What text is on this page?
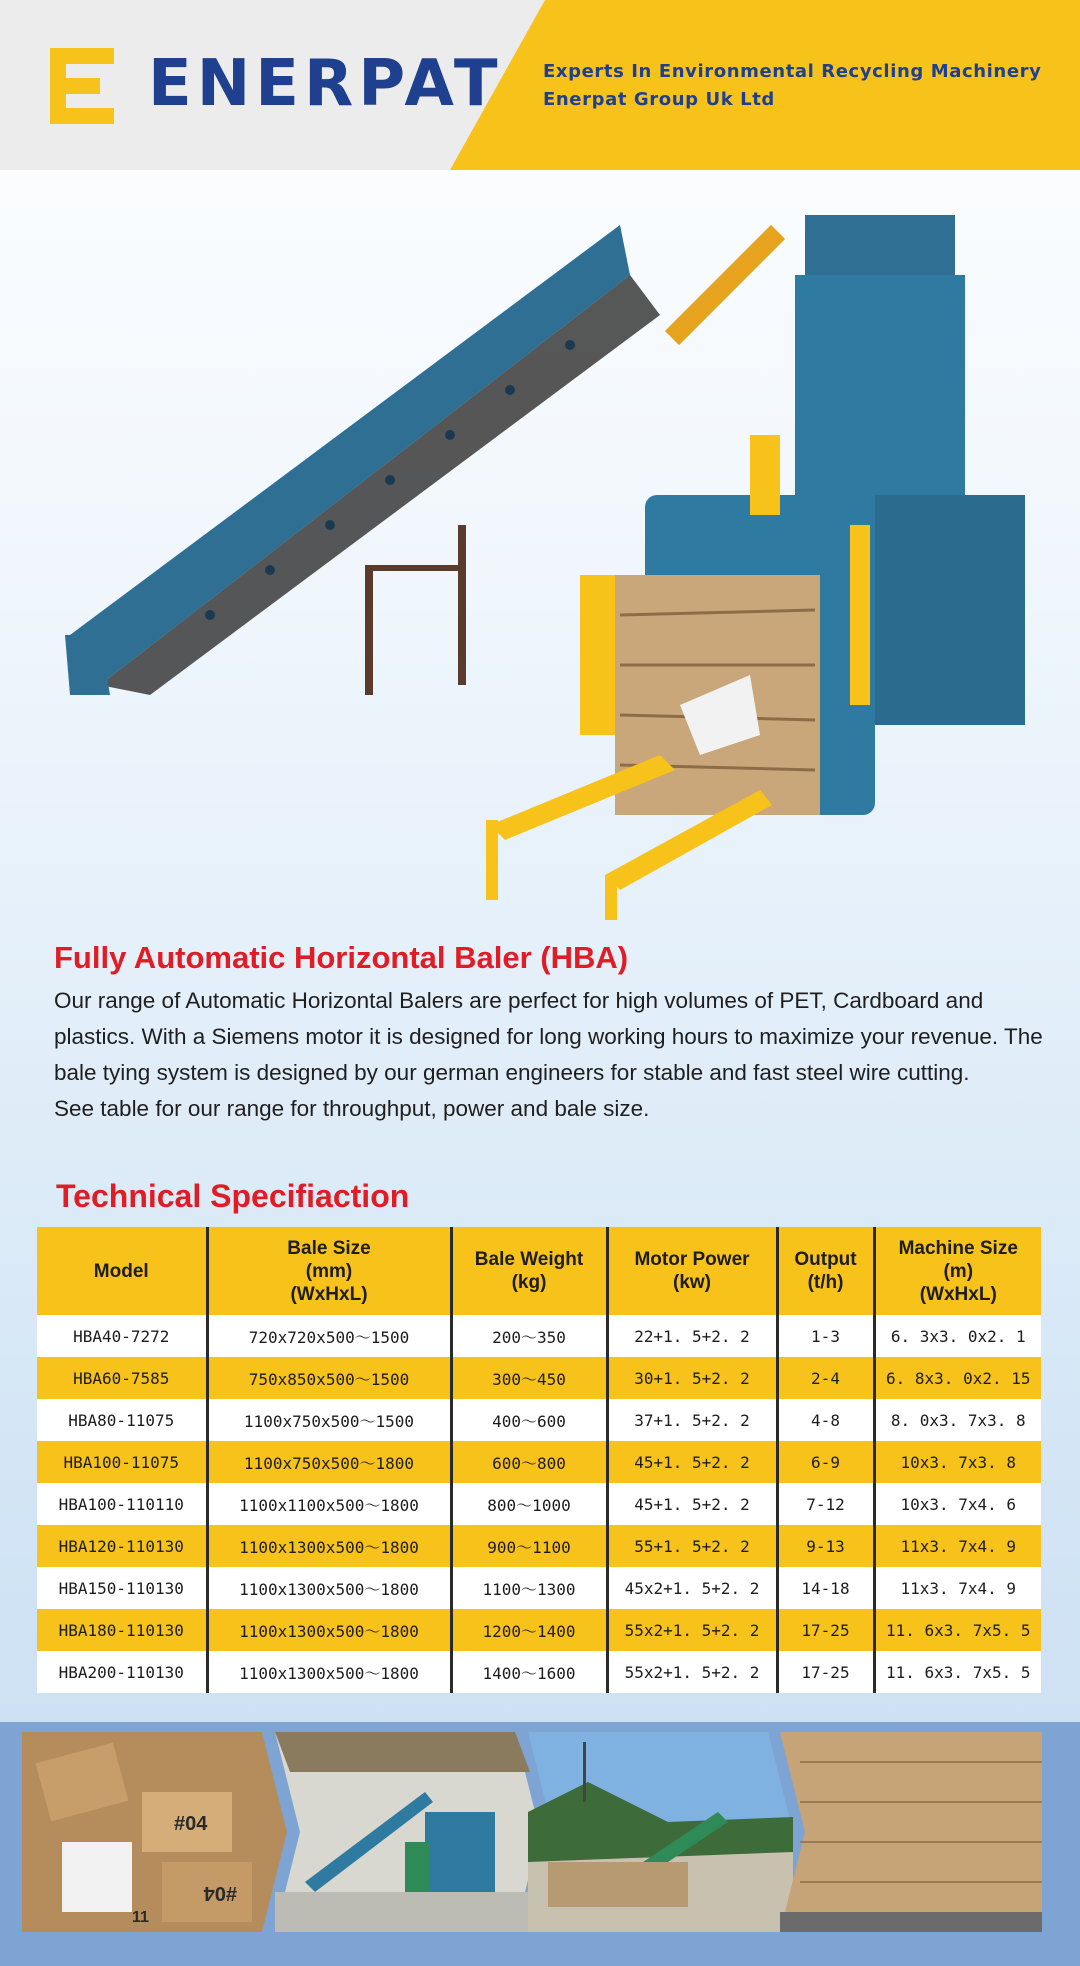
ENERPAT Experts In Environmental Recycling Machinery
Enerpat Group Uk Ltd
Fully Automatic Horizontal Baler (HBA)

Our range of Automatic Horizontal Balers are perfect for high volumes of PET, Cardboard and plastics. With a Siemens motor it is designed for long working hours to maximize your revenue. The bale tying system is designed by our german engineers for stable and fast steel wire cutting.

See table for our range for throughput, power and bale size.

Technical Specifiaction
Model	Bale Size
(mm)
(WxHxL)	Bale Weight
(kg)	Motor Power
(kw)	Output
(t/h)	Machine Size
(m)
(WxHxL)
HBA40-7272	720x720x500～1500	200～350	22+1. 5+2. 2	1-3	6. 3x3. 0x2. 1
HBA60-7585	750x850x500～1500	300～450	30+1. 5+2. 2	2-4	6. 8x3. 0x2. 15
HBA80-11075	1100x750x500～1500	400～600	37+1. 5+2. 2	4-8	8. 0x3. 7x3. 8
HBA100-11075	1100x750x500～1800	600～800	45+1. 5+2. 2	6-9	10x3. 7x3. 8
HBA100-110110	1100x1100x500～1800	800～1000	45+1. 5+2. 2	7-12	10x3. 7x4. 6
HBA120-110130	1100x1300x500～1800	900～1100	55+1. 5+2. 2	9-13	11x3. 7x4. 9
HBA150-110130	1100x1300x500～1800	1100～1300	45x2+1. 5+2. 2	14-18	11x3. 7x4. 9
HBA180-110130	1100x1300x500～1800	1200～1400	55x2+1. 5+2. 2	17-25	11. 6x3. 7x5. 5
HBA200-110130	1100x1300x500～1800	1400～1600	55x2+1. 5+2. 2	17-25	11. 6x3. 7x5. 5
#04
#04
11
